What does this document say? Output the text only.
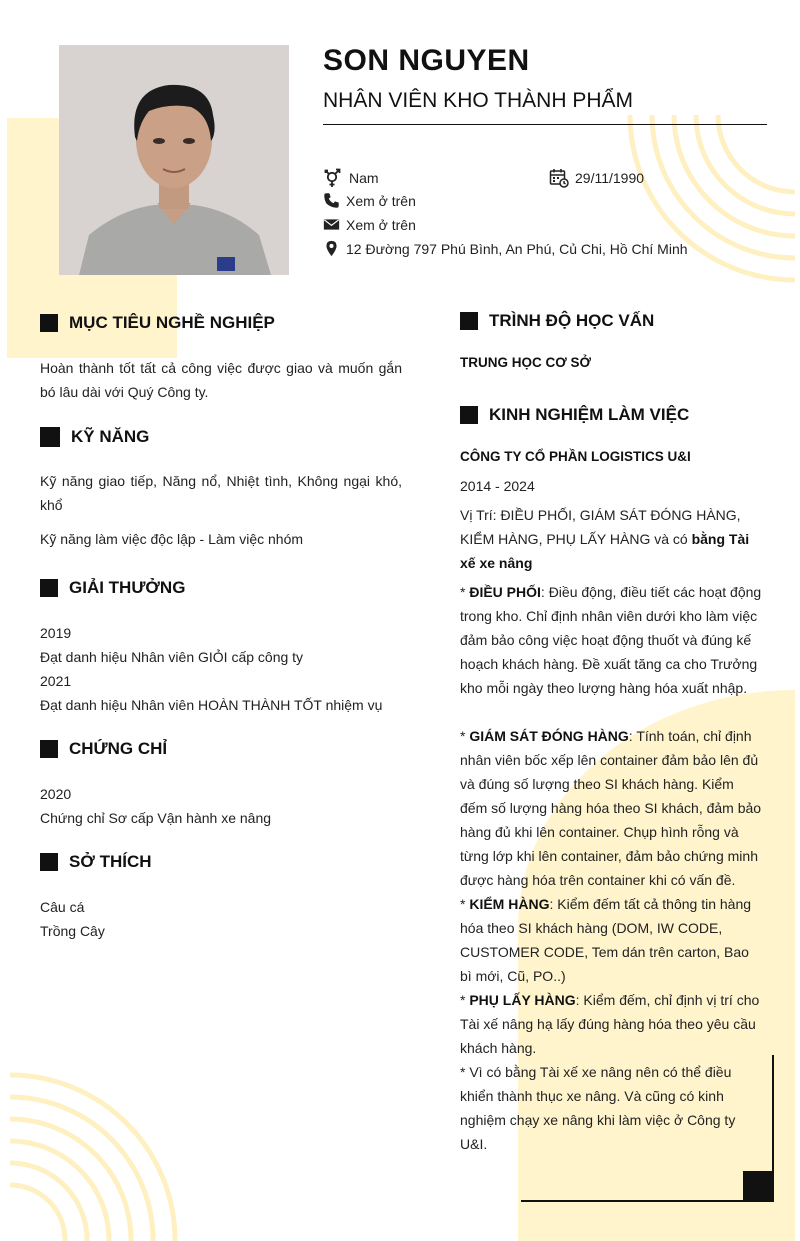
SON NGUYEN
NHÂN VIÊN KHO THÀNH PHẨM
Nam	29/11/1990
Xem ở trên
Xem ở trên
12 Đường 797 Phú Bình, An Phú, Củ Chi, Hồ Chí Minh
MỤC TIÊU NGHỀ NGHIỆP

Hoàn thành tốt tất cả công việc được giao và muốn gắn bó lâu dài với Quý Công ty.

KỸ NĂNG

Kỹ năng giao tiếp, Năng nổ, Nhiệt tình, Không ngại khó, khổ

Kỹ năng làm việc độc lập - Làm việc nhóm

GIẢI THƯỞNG

2019

Đạt danh hiệu Nhân viên GIỎI cấp công ty

2021

Đạt danh hiệu Nhân viên HOÀN THÀNH TỐT nhiệm vụ

CHỨNG CHỈ

2020

Chứng chỉ Sơ cấp Vận hành xe nâng

SỞ THÍCH

Câu cá

Trồng Cây

TRÌNH ĐỘ HỌC VẤN

TRUNG HỌC CƠ SỞ

KINH NGHIỆM LÀM VIỆC

CÔNG TY CỔ PHẦN LOGISTICS U&I

2014 - 2024

Vị Trí: ĐIỀU PHỐI, GIÁM SÁT ĐÓNG HÀNG, KIỂM HÀNG, PHỤ LẤY HÀNG và có bằng Tài xế xe nâng

* ĐIỀU PHỐI: Điều động, điều tiết các hoạt động trong kho. Chỉ định nhân viên dưới kho làm việc đảm bảo công việc hoạt động thuốt và đúng kế hoạch khách hàng. Đề xuất tăng ca cho Trưởng kho mỗi ngày theo lượng hàng hóa xuất nhập.

* GIÁM SÁT ĐÓNG HÀNG: Tính toán, chỉ định nhân viên bốc xếp lên container đảm bảo lên đủ và đúng số lượng theo SI khách hàng. Kiểm đếm số lượng hàng hóa theo SI khách, đảm bảo hàng đủ khi lên container. Chụp hình rỗng và từng lớp khi lên container, đảm bảo chứng minh được hàng hóa trên container khi có vấn đề.

* KIỂM HÀNG: Kiểm đếm tất cả thông tin hàng hóa theo SI khách hàng (DOM, IW CODE, CUSTOMER CODE, Tem dán trên carton, Bao bì mới, Cũ, PO..)

* PHỤ LẤY HÀNG: Kiểm đếm, chỉ định vị trí cho Tài xế nâng hạ lấy đúng hàng hóa theo yêu cầu khách hàng.

* Vì có bằng Tài xế xe nâng nên có thể điều khiển thành thục xe nâng. Và cũng có kinh nghiệm chạy xe nâng khi làm việc ở Công ty U&I.
